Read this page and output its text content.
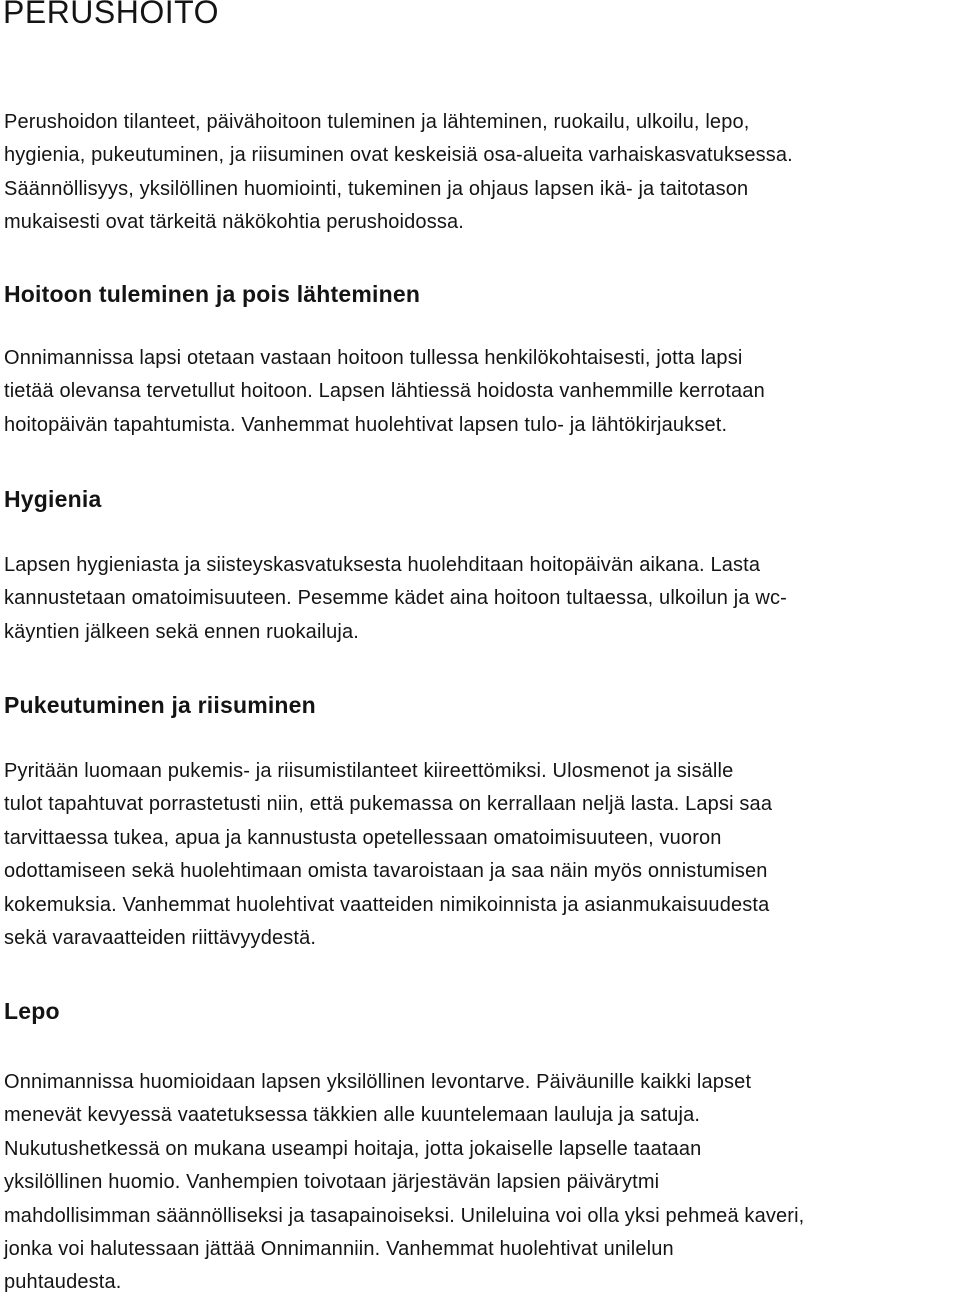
PERUSHOITO

Perushoidon tilanteet, päivähoitoon tuleminen ja lähteminen, ruokailu, ulkoilu, lepo,
hygienia, pukeutuminen, ja riisuminen ovat keskeisiä osa-alueita varhaiskasvatuksessa.
Säännöllisyys, yksilöllinen huomiointi, tukeminen ja ohjaus lapsen ikä- ja taitotason
mukaisesti ovat tärkeitä näkökohtia perushoidossa.

Hoitoon tuleminen ja pois lähteminen

Onnimannissa lapsi otetaan vastaan hoitoon tullessa henkilökohtaisesti, jotta lapsi
tietää olevansa tervetullut hoitoon. Lapsen lähtiessä hoidosta vanhemmille kerrotaan
hoitopäivän tapahtumista. Vanhemmat huolehtivat lapsen tulo- ja lähtökirjaukset.

Hygienia

Lapsen hygieniasta ja siisteyskasvatuksesta huolehditaan hoitopäivän aikana. Lasta
kannustetaan omatoimisuuteen. Pesemme kädet aina hoitoon tultaessa, ulkoilun ja wc-
käyntien jälkeen sekä ennen ruokailuja.

Pukeutuminen ja riisuminen

Pyritään luomaan pukemis- ja riisumistilanteet kiireettömiksi. Ulosmenot ja sisälle
tulot tapahtuvat porrastetusti niin, että pukemassa on kerrallaan neljä lasta. Lapsi saa
tarvittaessa tukea, apua ja kannustusta opetellessaan omatoimisuuteen, vuoron
odottamiseen sekä huolehtimaan omista tavaroistaan ja saa näin myös onnistumisen
kokemuksia. Vanhemmat huolehtivat vaatteiden nimikoinnista ja asianmukaisuudesta
sekä varavaatteiden riittävyydestä.

Lepo

Onnimannissa huomioidaan lapsen yksilöllinen levontarve. Päiväunille kaikki lapset
menevät kevyessä vaatetuksessa täkkien alle kuuntelemaan lauluja ja satuja.
Nukutushetkessä on mukana useampi hoitaja, jotta jokaiselle lapselle taataan
yksilöllinen huomio. Vanhempien toivotaan järjestävän lapsien päivärytmi
mahdollisimman säännölliseksi ja tasapainoiseksi. Unileluina voi olla yksi pehmeä kaveri,
jonka voi halutessaan jättää Onnimanniin. Vanhemmat huolehtivat unilelun
puhtaudesta.
